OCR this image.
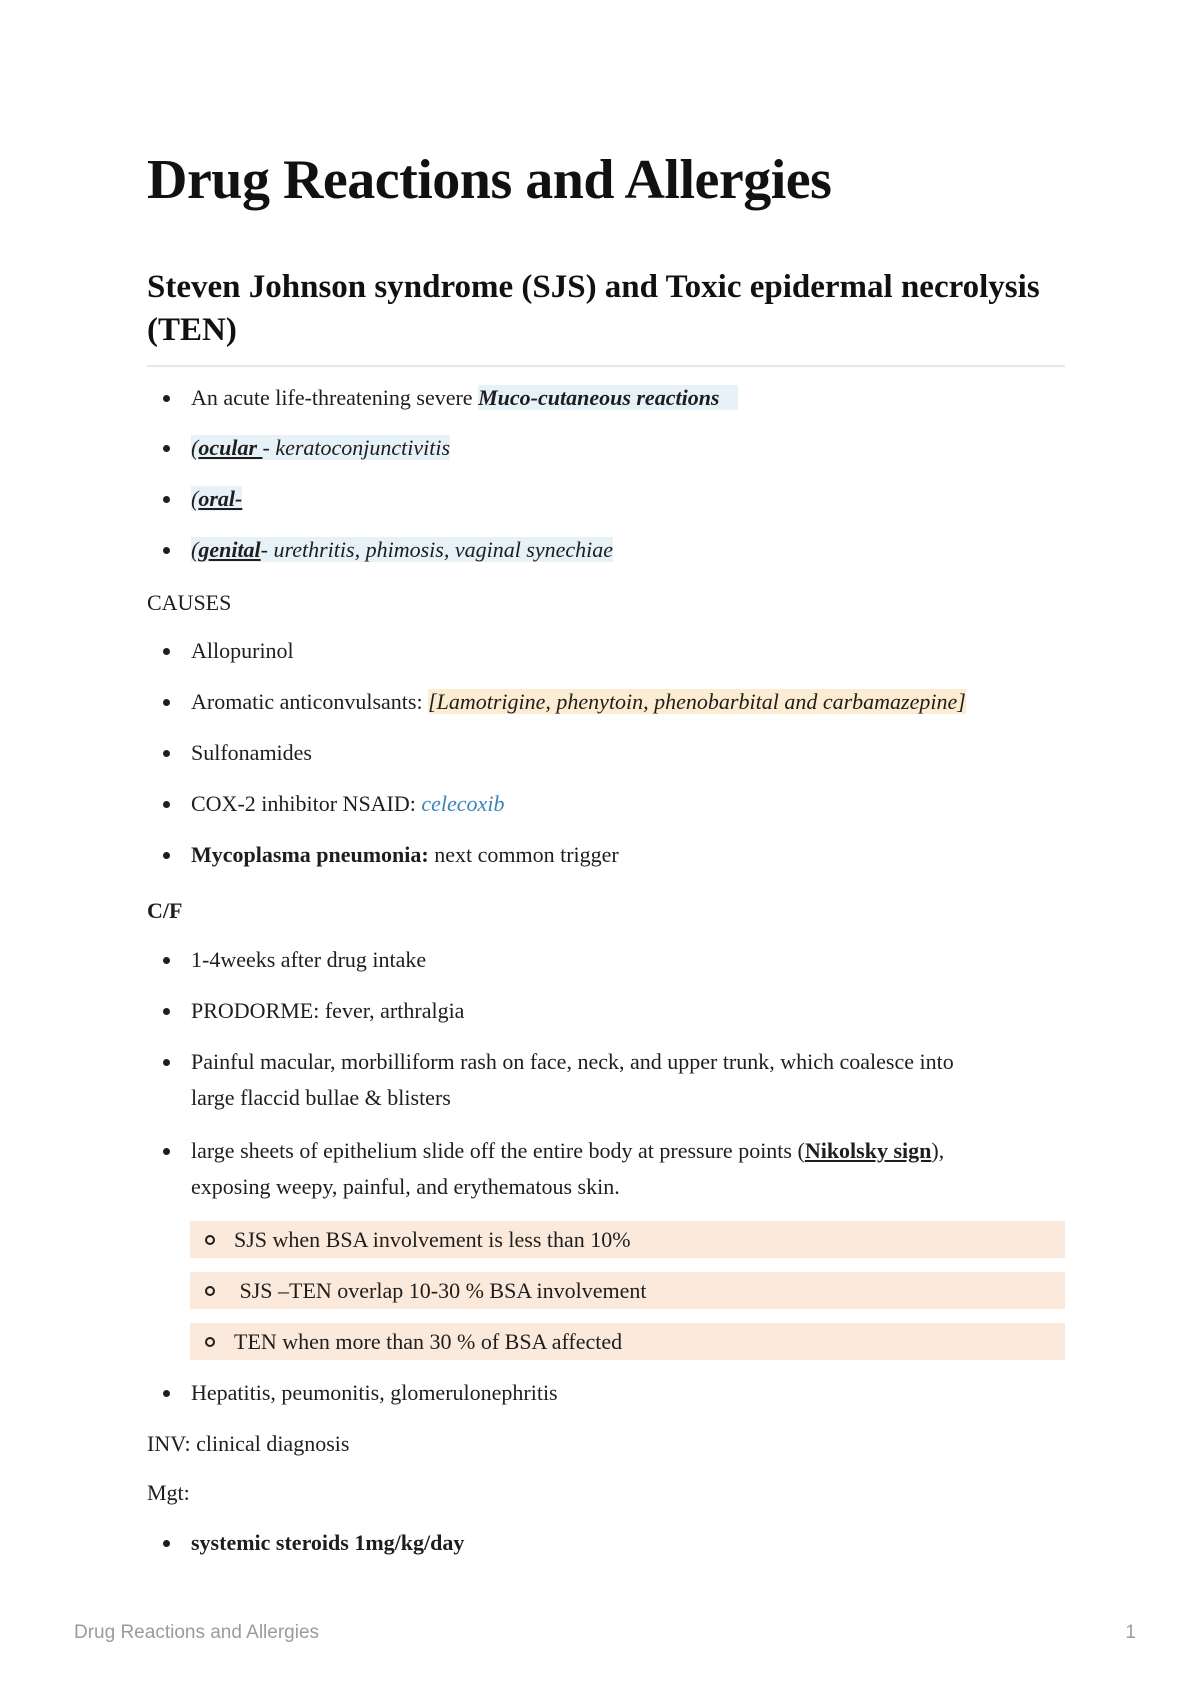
Drug Reactions and Allergies
Steven Johnson syndrome (SJS) and Toxic epidermal necrolysis (TEN)
An acute life-threatening severe Muco-cutaneous reactions
(ocular - keratoconjunctivitis
(oral-
(genital- urethritis, phimosis, vaginal synechiae

CAUSES

Allopurinol
Aromatic anticonvulsants: [Lamotrigine, phenytoin, phenobarbital and carbamazepine]
Sulfonamides
COX-2 inhibitor NSAID: celecoxib
Mycoplasma pneumonia: next common trigger

C/F

1-4weeks after drug intake
PRODORME: fever, arthralgia
Painful macular, morbilliform rash on face, neck, and upper trunk, which coalesce into
large flaccid bullae & blisters
large sheets of epithelium slide off the entire body at pressure points (Nikolsky sign),
exposing weepy, painful, and erythematous skin.
SJS when BSA involvement is less than 10%
SJS –TEN overlap 10-30 % BSA involvement
TEN when more than 30 % of BSA affected
Hepatitis, peumonitis, glomerulonephritis

INV: clinical diagnosis

Mgt:

systemic steroids 1mg/kg/day
Drug Reactions and Allergies	1
